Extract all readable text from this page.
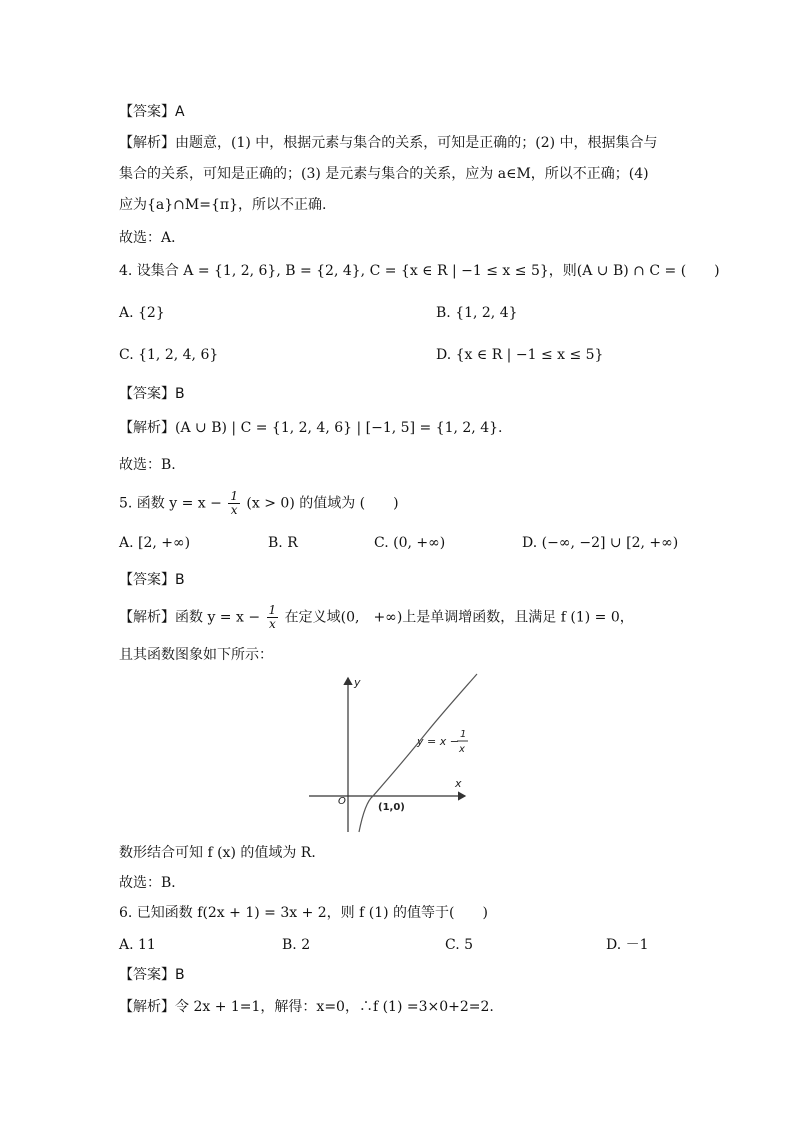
【答案】A
【解析】由题意，(1) 中，根据元素与集合的关系，可知是正确的；(2) 中，根据集合与
集合的关系，可知是正确的；(3) 是元素与集合的关系，应为 a∈M，所以不正确；(4)
应为{a}∩M={π}，所以不正确.
故选：A．
4. 设集合 A = {1, 2, 6}, B = {2, 4}, C = {x ∈ R | −1 ≤ x ≤ 5}，则(A ∪ B) ∩ C = (　　)
A. {2}	B. {1, 2, 4}
C. {1, 2, 4, 6}	D. {x ∈ R | −1 ≤ x ≤ 5}
【答案】B
【解析】(A ∪ B) | C = {1, 2, 4, 6} | [−1, 5] = {1, 2, 4}.
故选：B.
5. 函数 $y = x - \frac{1}{x} (x > 0)$ 的值域为 (　　)
A. [2, +∞)	B. R	C. (0, +∞)	D. (−∞, −2] ∪ [2, +∞)
【答案】B
【解析】函数 $y = x - \frac{1}{x}$ 在定义域(0,　+∞)上是单调增函数，且满足 f (1) = 0，
且其函数图象如下所示：
y
x
O
(1,0)
y = x −
1
x
数形结合可知 f (x) 的值域为 R．
故选：B．
6. 已知函数 f(2x + 1) = 3x + 2，则 f (1) 的值等于(　　)
A. 11	B. 2	C. 5	D. －1
【答案】B
【解析】令 2x + 1=1，解得：x=0，∴f (1) =3×0+2=2.
